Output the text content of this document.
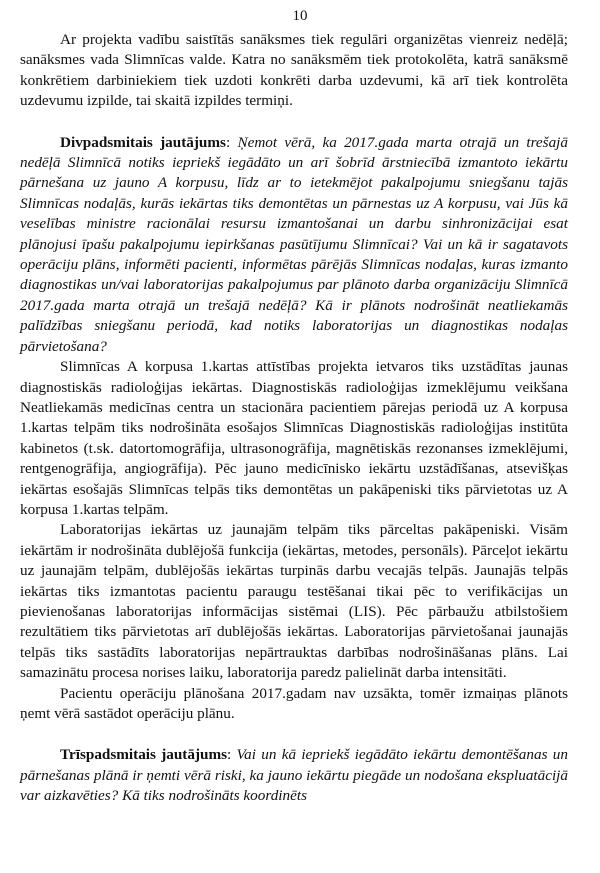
10

Ar projekta vadību saistītās sanāksmes tiek regulāri organizētas vienreiz nedēļā; sanāksmes vada Slimnīcas valde. Katra no sanāksmēm tiek protokolēta, katrā sanāksmē konkrētiem darbiniekiem tiek uzdoti konkrēti darba uzdevumi, kā arī tiek kontrolēta uzdevumu izpilde, tai skaitā izpildes termiņi.

Divpadsmitais jautājums: Ņemot vērā, ka 2017.gada marta otrajā un trešajā nedēļā Slimnīcā notiks iepriekš iegādāto un arī šobrīd ārstniecībā izmantoto iekārtu pārnešana uz jauno A korpusu, līdz ar to ietekmējot pakalpojumu sniegšanu tajās Slimnīcas nodaļās, kurās iekārtas tiks demontētas un pārnestas uz A korpusu, vai Jūs kā veselības ministre racionālai resursu izmantošanai un darbu sinhronizācijai esat plānojusi īpašu pakalpojumu iepirkšanas pasūtījumu Slimnīcai? Vai un kā ir sagatavots operāciju plāns, informēti pacienti, informētas pārējās Slimnīcas nodaļas, kuras izmanto diagnostikas un/vai laboratorijas pakalpojumus par plānoto darba organizāciju Slimnīcā 2017.gada marta otrajā un trešajā nedēļā? Kā ir plānots nodrošināt neatliekamās palīdzības sniegšanu periodā, kad notiks laboratorijas un diagnostikas nodaļas pārvietošana?

Slimnīcas A korpusa 1.kartas attīstības projekta ietvaros tiks uzstādītas jaunas diagnostiskās radioloģijas iekārtas. Diagnostiskās radioloģijas izmeklējumu veikšana Neatliekamās medicīnas centra un stacionāra pacientiem pārejas periodā uz A korpusa 1.kartas telpām tiks nodrošināta esošajos Slimnīcas Diagnostiskās radioloģijas institūta kabinetos (t.sk. datortomogrāfija, ultrasonogrāfija, magnētiskās rezonanses izmeklējumi, rentgenogrāfija, angiogrāfija). Pēc jauno medicīnisko iekārtu uzstādīšanas, atsevišķas iekārtas esošajās Slimnīcas telpās tiks demontētas un pakāpeniski tiks pārvietotas uz A korpusa 1.kartas telpām.

Laboratorijas iekārtas uz jaunajām telpām tiks pārceltas pakāpeniski. Visām iekārtām ir nodrošināta dublējošā funkcija (iekārtas, metodes, personāls). Pārceļot iekārtu uz jaunajām telpām, dublējošās iekārtas turpinās darbu vecajās telpās. Jaunajās telpās iekārtas tiks izmantotas pacientu paraugu testēšanai tikai pēc to verifikācijas un pievienošanas laboratorijas informācijas sistēmai (LIS). Pēc pārbaužu atbilstošiem rezultātiem tiks pārvietotas arī dublējošās iekārtas. Laboratorijas pārvietošanai jaunajās telpās tiks sastādīts laboratorijas nepārtrauktas darbības nodrošināšanas plāns. Lai samazinātu procesa norises laiku, laboratorija paredz palielināt darba intensitāti.

Pacientu operāciju plānošana 2017.gadam nav uzsākta, tomēr izmaiņas plānots ņemt vērā sastādot operāciju plānu.

Trīspadsmitais jautājums: Vai un kā iepriekš iegādāto iekārtu demontēšanas un pārnešanas plānā ir ņemti vērā riski, ka jauno iekārtu piegāde un nodošana ekspluatācijā var aizkavēties? Kā tiks nodrošināts koordinēts
